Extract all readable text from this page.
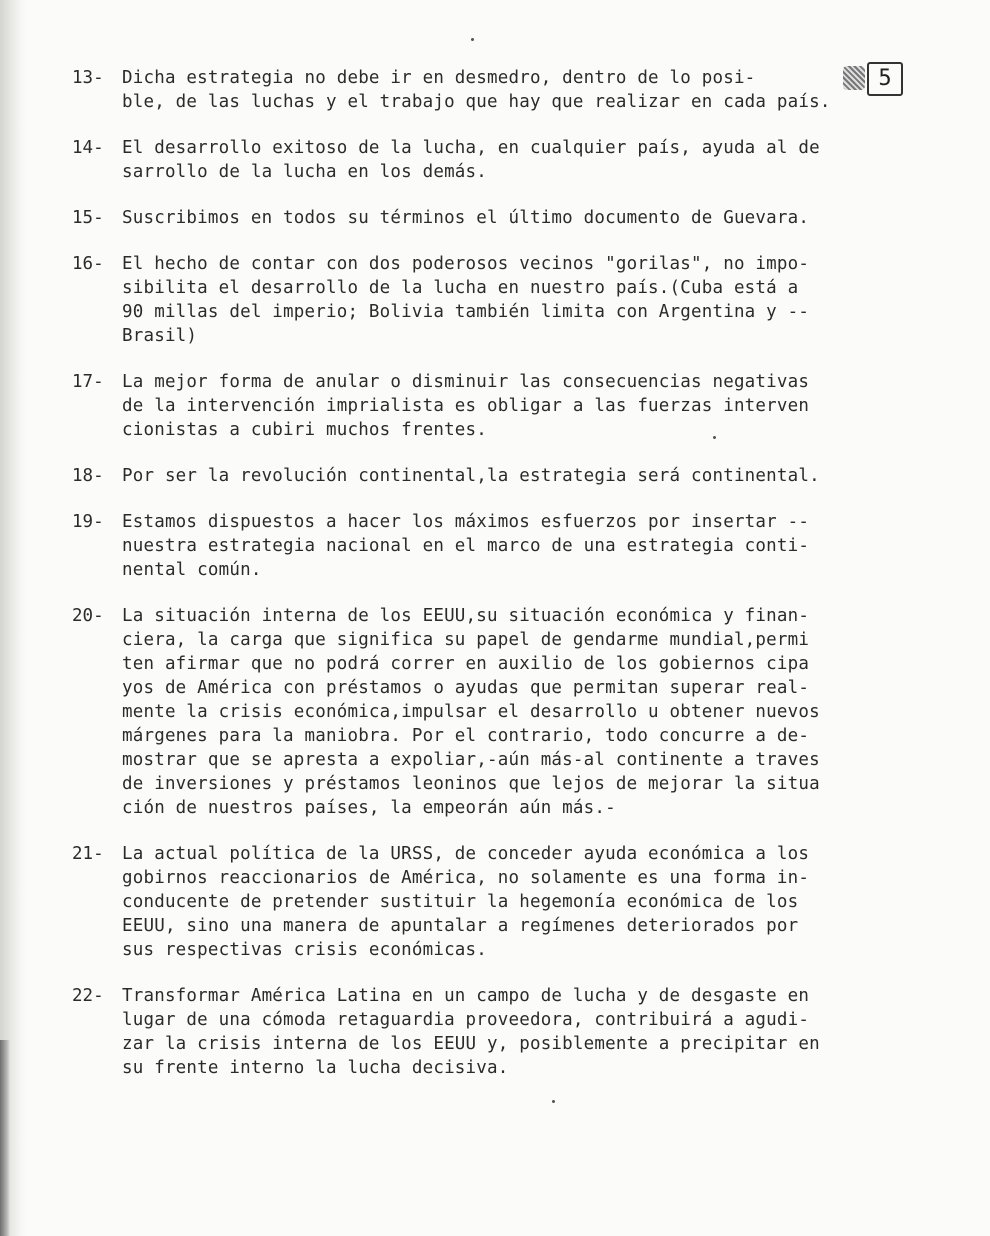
5
13-	Dicha estrategia no debe ir en desmedro, dentro de lo posi-
ble, de las luchas y el trabajo que hay que realizar en cada país.
14-	El desarrollo exitoso de la lucha, en cualquier país, ayuda al de
sarrollo de la lucha en los demás.
15-	Suscribimos en todos su términos el último documento de Guevara.
16-	El hecho de contar con dos poderosos vecinos "gorilas", no impo-
sibilita el desarrollo de la lucha en nuestro país.(Cuba está a
90 millas del imperio; Bolivia también limita con Argentina y --
Brasil)
17-	La mejor forma de anular o disminuir las consecuencias negativas
de la intervención imprialista es obligar a las fuerzas interven
cionistas a cubiri muchos frentes.
18-	Por ser la revolución continental,la estrategia será continental.
19-	Estamos dispuestos a hacer los máximos esfuerzos por insertar --
nuestra estrategia nacional en el marco de una estrategia conti-
nental común.
20-	La situación interna de los EEUU,su situación económica y finan-
ciera, la carga que significa su papel de gendarme mundial,permi
ten afirmar que no podrá correr en auxilio de los gobiernos cipa
yos de América con préstamos o ayudas que permitan superar real-
mente la crisis económica,impulsar el desarrollo u obtener nuevos
márgenes para la maniobra. Por el contrario, todo concurre a de-
mostrar que se apresta a expoliar,-aún más-al continente a traves
de inversiones y préstamos leoninos que lejos de mejorar la situa
ción de nuestros países, la empeorán aún más.-
21-	La actual política de la URSS, de conceder ayuda económica a los
gobirnos reaccionarios de América, no solamente es una forma in-
conducente de pretender sustituir la hegemonía económica de los
EEUU, sino una manera de apuntalar a regímenes deteriorados por
sus respectivas crisis económicas.
22-	Transformar América Latina en un campo de lucha y de desgaste en
lugar de una cómoda retaguardia proveedora, contribuirá a agudi-
zar la crisis interna de los EEUU y, posiblemente a precipitar en
su frente interno la lucha decisiva.
